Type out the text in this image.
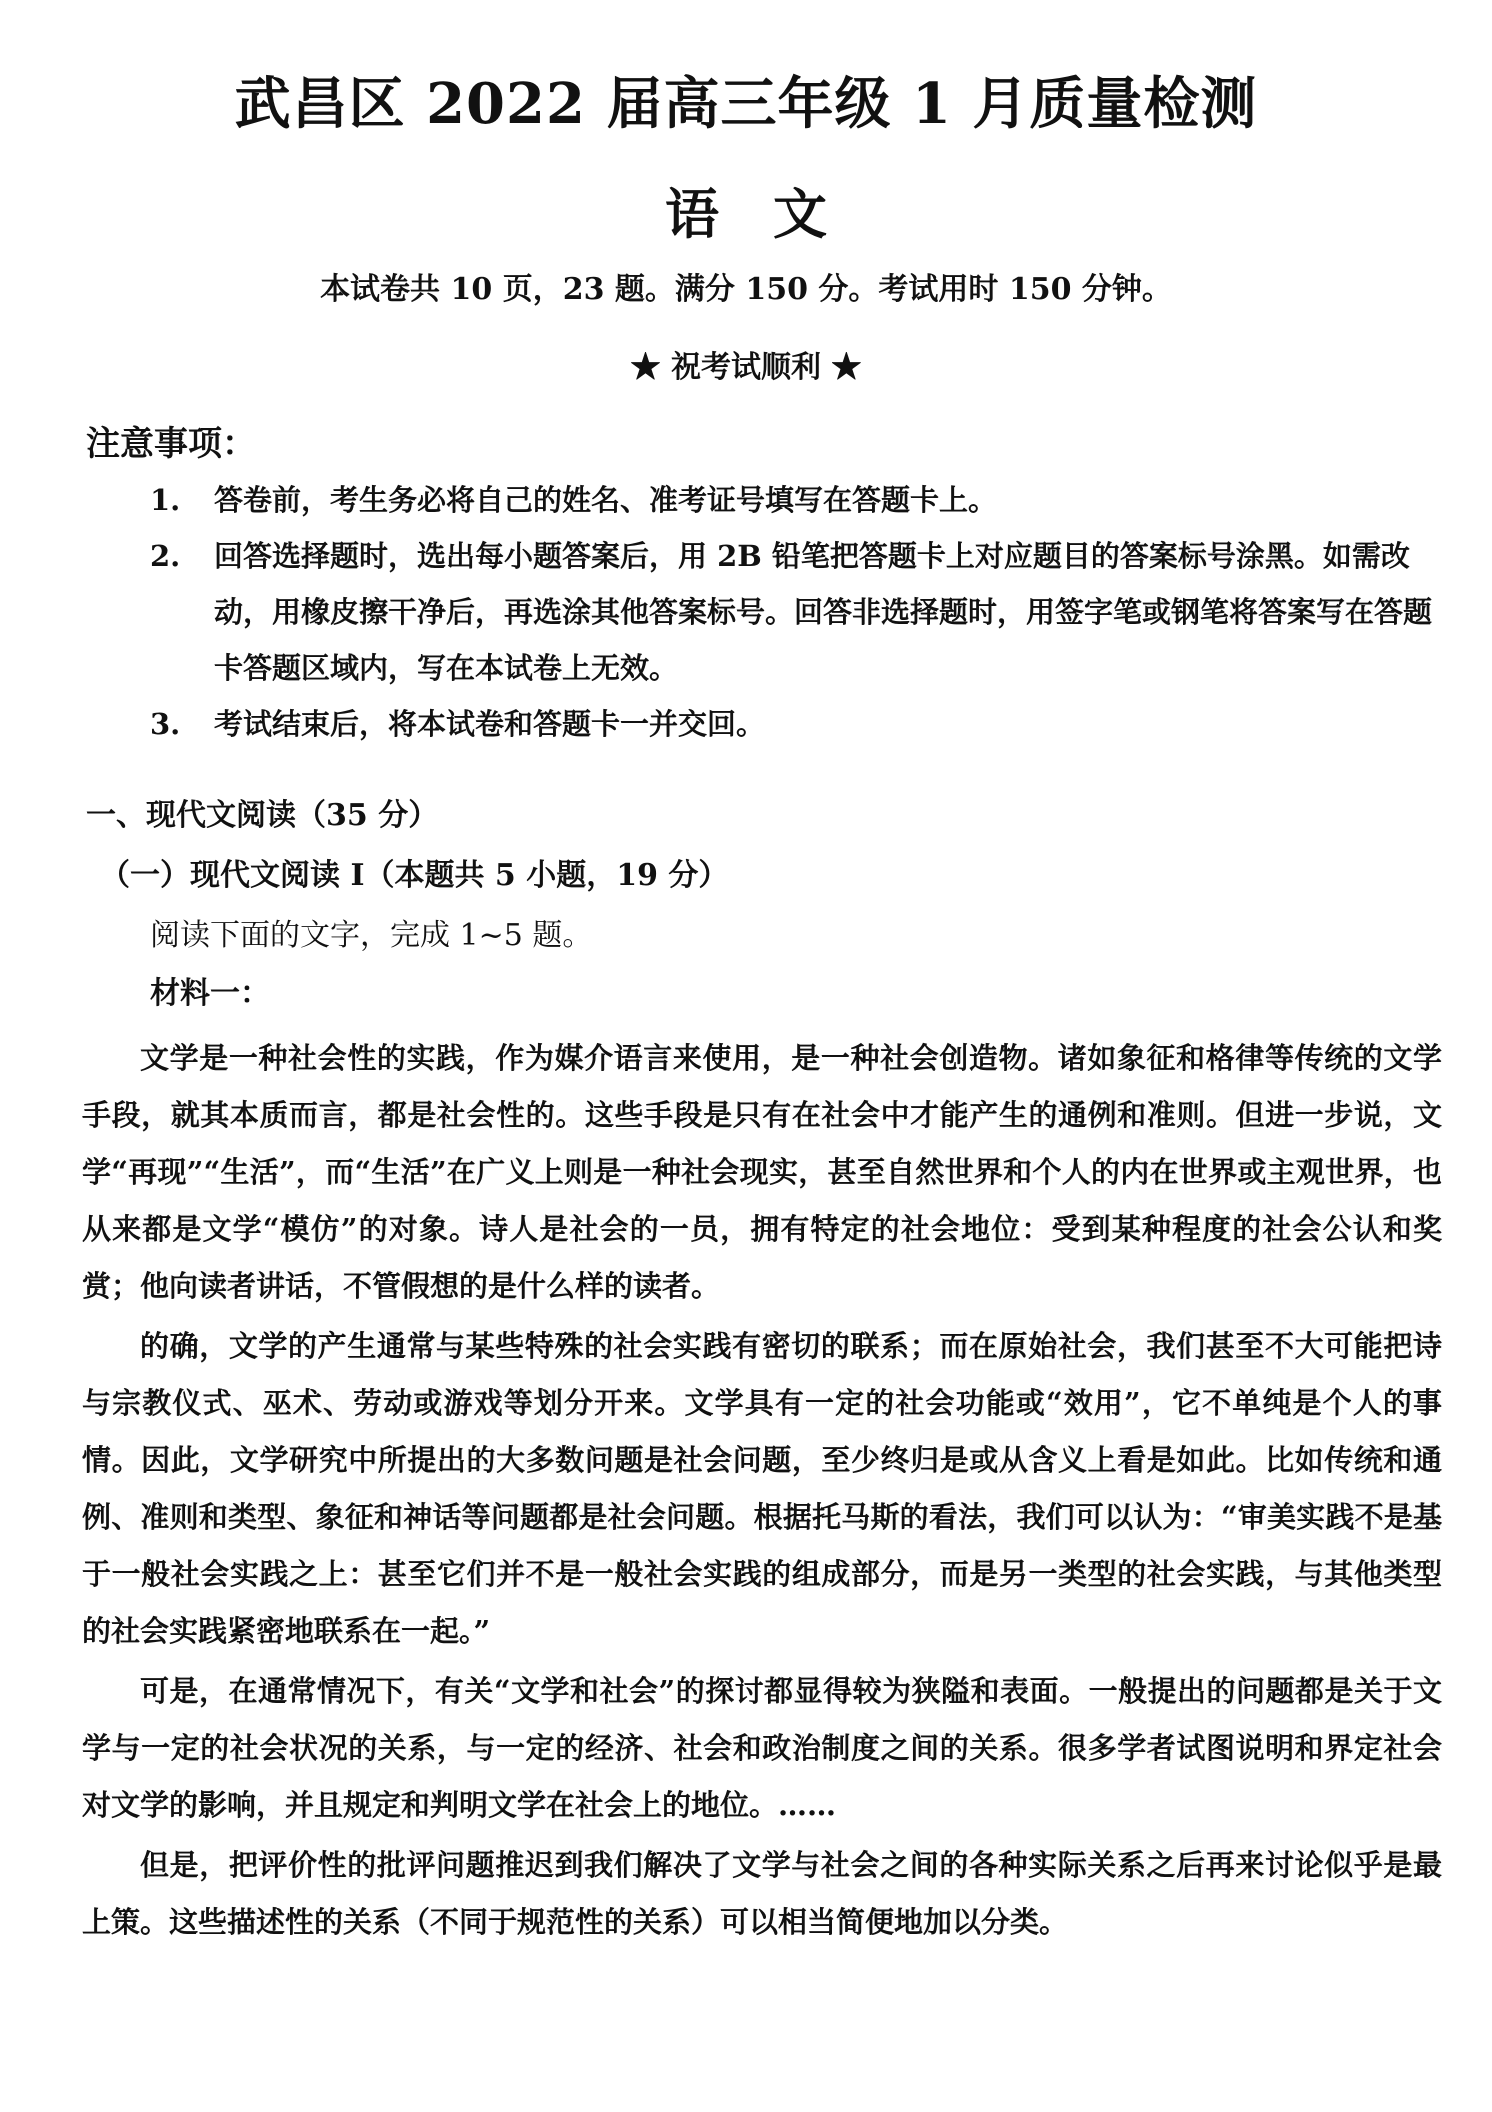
武昌区 2022 届高三年级 1 月质量检测
语　文
本试卷共 10 页，23 题。满分 150 分。考试用时 150 分钟。
★ 祝考试顺利 ★
注意事项：
1.	答卷前，考生务必将自己的姓名、准考证号填写在答题卡上。
2.	回答选择题时，选出每小题答案后，用 2B 铅笔把答题卡上对应题目的答案标号涂黑。如需改动，用橡皮擦干净后，再选涂其他答案标号。回答非选择题时，用签字笔或钢笔将答案写在答题卡答题区域内，写在本试卷上无效。
3.	考试结束后，将本试卷和答题卡一并交回。
一、现代文阅读（35 分）
（一）现代文阅读 I（本题共 5 小题，19 分）
阅读下面的文字，完成 1~5 题。
材料一：

文学是一种社会性的实践，作为媒介语言来使用，是一种社会创造物。诸如象征和格律等传统的文学手段，就其本质而言，都是社会性的。这些手段是只有在社会中才能产生的通例和准则。但进一步说，文学“再现”“生活”，而“生活”在广义上则是一种社会现实，甚至自然世界和个人的内在世界或主观世界，也从来都是文学“模仿”的对象。诗人是社会的一员，拥有特定的社会地位：受到某种程度的社会公认和奖赏；他向读者讲话，不管假想的是什么样的读者。

的确，文学的产生通常与某些特殊的社会实践有密切的联系；而在原始社会，我们甚至不大可能把诗与宗教仪式、巫术、劳动或游戏等划分开来。文学具有一定的社会功能或“效用”，它不单纯是个人的事情。因此，文学研究中所提出的大多数问题是社会问题，至少终归是或从含义上看是如此。比如传统和通例、准则和类型、象征和神话等问题都是社会问题。根据托马斯的看法，我们可以认为：“审美实践不是基于一般社会实践之上：甚至它们并不是一般社会实践的组成部分，而是另一类型的社会实践，与其他类型的社会实践紧密地联系在一起。”

可是，在通常情况下，有关“文学和社会”的探讨都显得较为狭隘和表面。一般提出的问题都是关于文学与一定的社会状况的关系，与一定的经济、社会和政治制度之间的关系。很多学者试图说明和界定社会对文学的影响，并且规定和判明文学在社会上的地位。……

但是，把评价性的批评问题推迟到我们解决了文学与社会之间的各种实际关系之后再来讨论似乎是最上策。这些描述性的关系（不同于规范性的关系）可以相当简便地加以分类。
